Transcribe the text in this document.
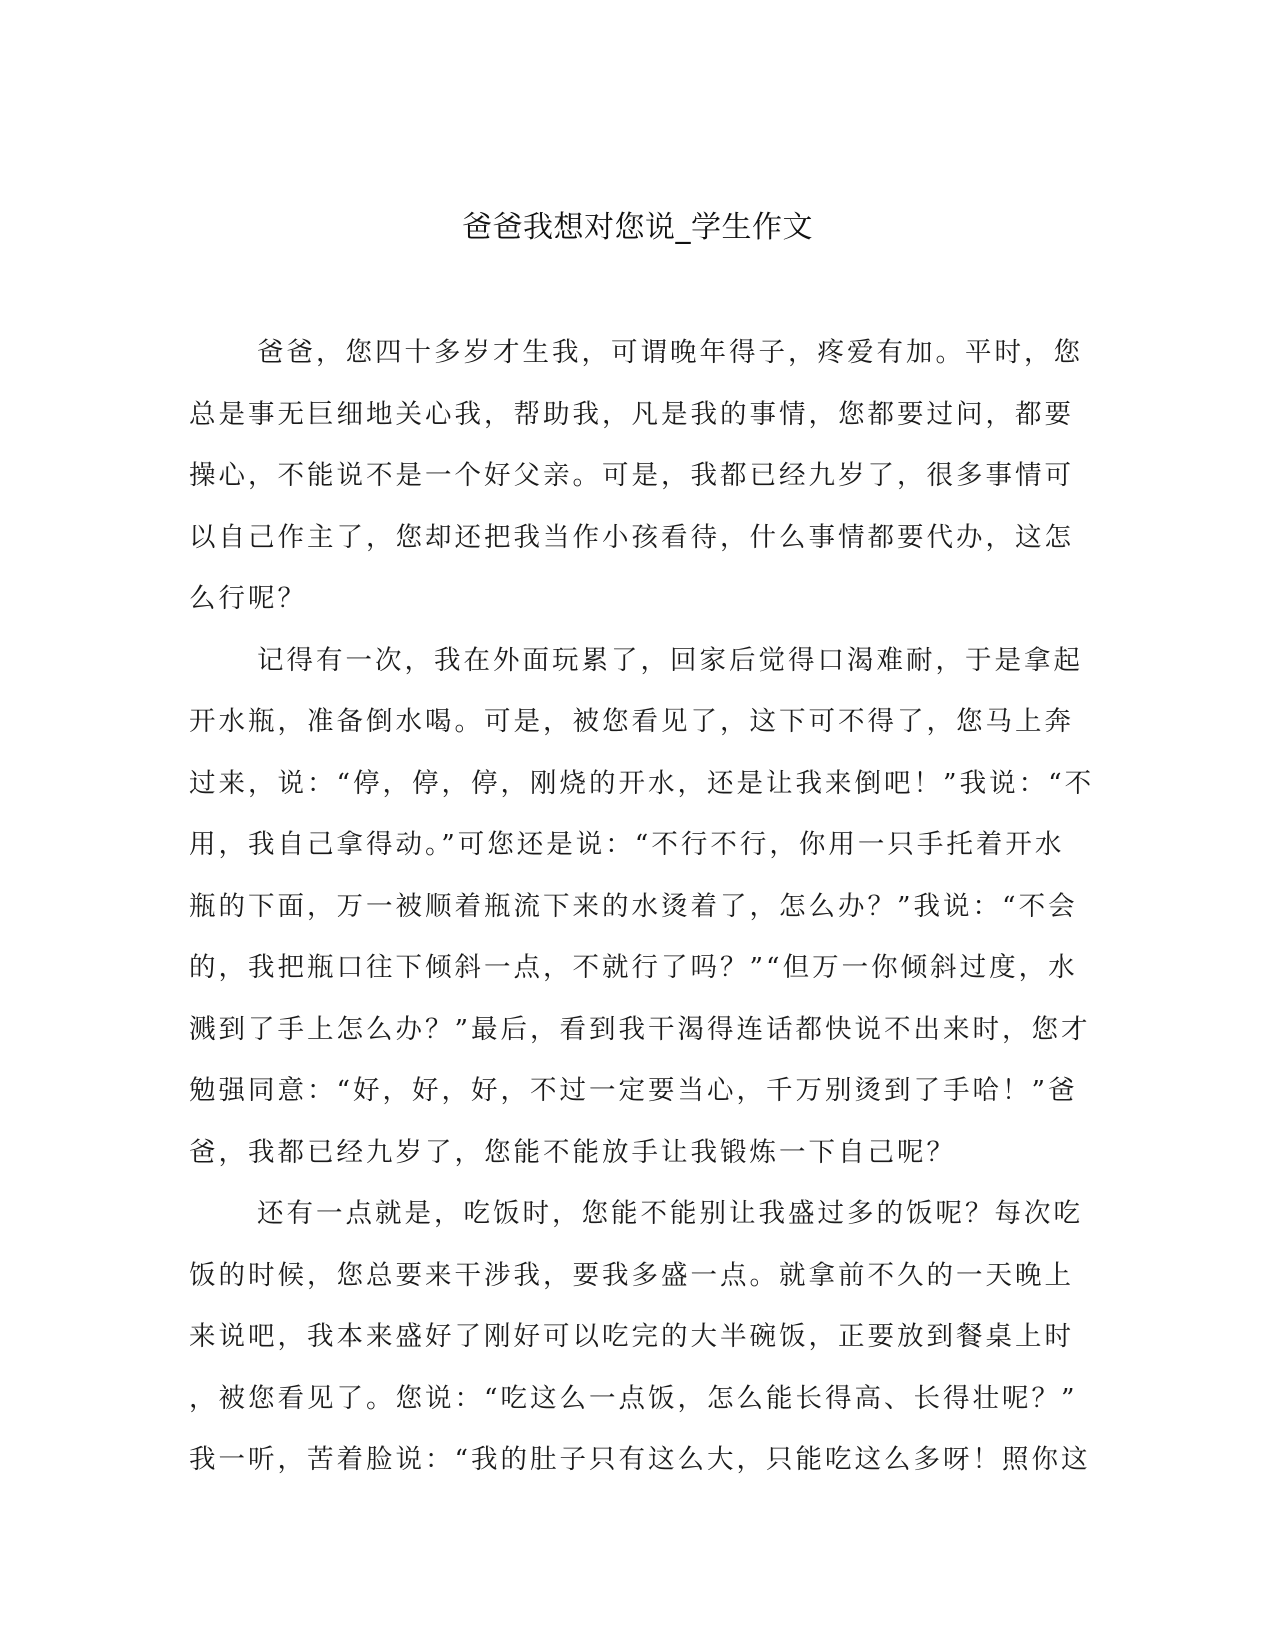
爸爸我想对您说_学生作文
爸爸，您四十多岁才生我，可谓晚年得子，疼爱有加。平时，您
总是事无巨细地关心我，帮助我，凡是我的事情，您都要过问，都要
操心，不能说不是一个好父亲。可是，我都已经九岁了，很多事情可
以自己作主了，您却还把我当作小孩看待，什么事情都要代办，这怎
么行呢？
记得有一次，我在外面玩累了，回家后觉得口渴难耐，于是拿起
开水瓶，准备倒水喝。可是，被您看见了，这下可不得了，您马上奔
过来，说：“停，停，停，刚烧的开水，还是让我来倒吧！”我说：“不
用，我自己拿得动。”可您还是说：“不行不行，你用一只手托着开水
瓶的下面，万一被顺着瓶流下来的水烫着了，怎么办？”我说：“不会
的，我把瓶口往下倾斜一点，不就行了吗？”“但万一你倾斜过度，水
溅到了手上怎么办？”最后，看到我干渴得连话都快说不出来时，您才
勉强同意：“好，好，好，不过一定要当心，千万别烫到了手哈！”爸
爸，我都已经九岁了，您能不能放手让我锻炼一下自己呢？
还有一点就是，吃饭时，您能不能别让我盛过多的饭呢？每次吃
饭的时候，您总要来干涉我，要我多盛一点。就拿前不久的一天晚上
来说吧，我本来盛好了刚好可以吃完的大半碗饭，正要放到餐桌上时
，被您看见了。您说：“吃这么一点饭，怎么能长得高、长得壮呢？”
我一听，苦着脸说：“我的肚子只有这么大，只能吃这么多呀！照你这
